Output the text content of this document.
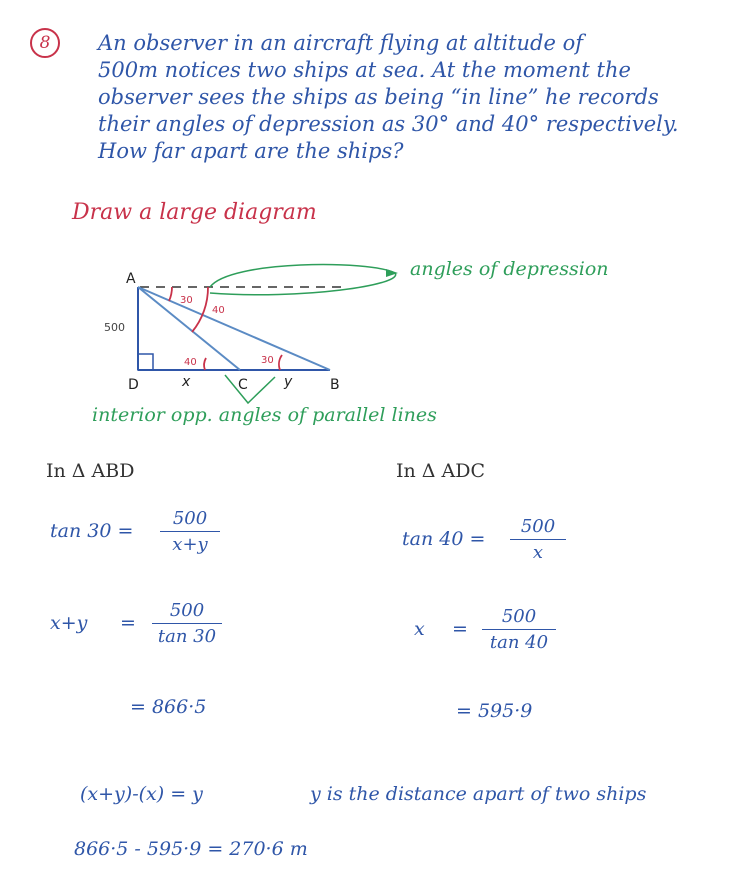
8	An observer in an aircraft flying at altitude of
500m notices two ships at sea. At the moment the
observer sees the ships as being “in line” he records
their angles of depression as 30° and 40° respectively.
How far apart are the ships?
Draw a large diagram
A
D	C	B
500
x	y
30
40
40	30
angles of depression
interior opp. angles of parallel lines
In Δ ABD
tan 30 =
500
x+y
x+y =
500
tan 30
= 866·5
In Δ ADC
tan 40 =
500
x
x =
500
tan 40
= 595·9
(x+y)-(x) = y	y is the distance apart of two ships
866·5 - 595·9 = 270·6 m
